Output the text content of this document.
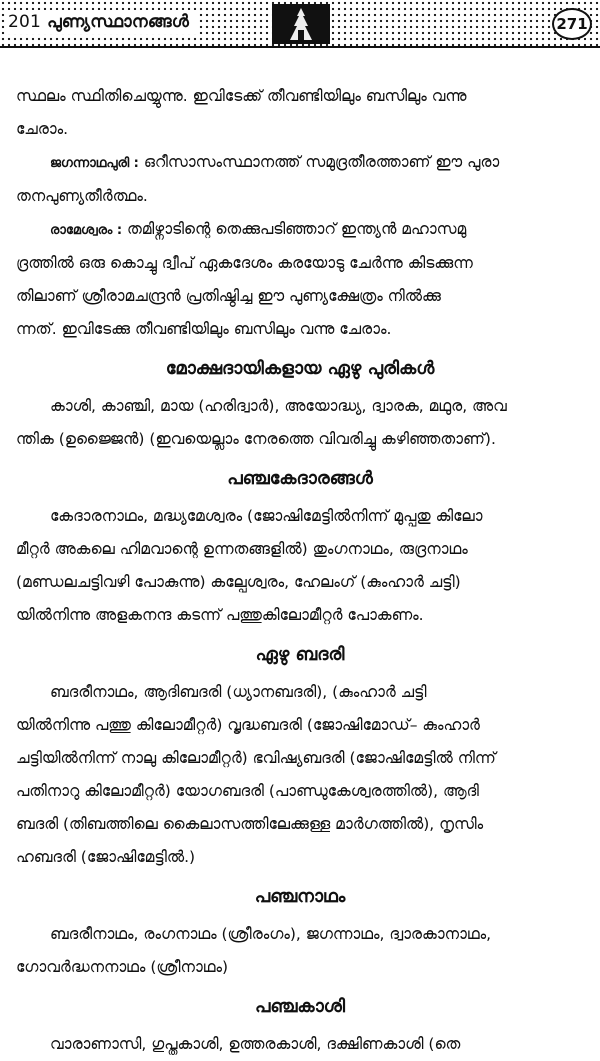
201 പുണ്യസ്ഥാനങ്ങൾ	271

സ്ഥലം സ്ഥിതിചെയ്യുന്നു. ഇവിടേക്ക് തീവണ്ടിയിലും ബസിലും വന്നു
ചേരാം.

ജഗന്നാഥപുരി : ഒറീസാസംസ്ഥാനത്ത് സമുദ്രതീരത്താണ് ഈ പുരാ
തനപുണ്യതീർത്ഥം.

രാമേശ്വരം : തമിഴ്നാടിന്റെ തെക്കുപടിഞ്ഞാറ് ഇന്ത്യൻ മഹാസമു
ദ്രത്തിൽ ഒരു കൊച്ചു ദ്വീപ് ഏകദേശം കരയോടു ചേർന്നു കിടക്കുന്ന
തിലാണ് ശ്രീരാമചന്ദ്രൻ പ്രതിഷ്ഠിച്ച ഈ പുണ്യക്ഷേത്രം നിൽക്കു
ന്നത്. ഇവിടേക്കു തീവണ്ടിയിലും ബസിലും വന്നു ചേരാം.

മോക്ഷദായികളായ ഏഴു പുരികൾ

കാശി, കാഞ്ചി, മായ (ഹരിദ്വാർ), അയോദ്ധ്യ, ദ്വാരക, മഥുര, അവ
ന്തിക (ഉജ്ജൈൻ) (ഇവയെല്ലാം നേരത്തെ വിവരിച്ചു കഴിഞ്ഞതാണ്).

പഞ്ചകേദാരങ്ങൾ

കേദാരനാഥം, മദ്ധ്യമേശ്വരം (ജോഷിമേട്ടിൽനിന്ന് മുപ്പതു കിലോ
മീറ്റർ അകലെ ഹിമവാന്റെ ഉന്നതങ്ങളിൽ) തുംഗനാഥം, രുദ്രനാഥം
(മണ്ഡലചട്ടിവഴി പോകുന്നു) കല്പേശ്വരം, ഹേലംഗ് (കുംഹാർ ചട്ടി)
യിൽനിന്നു അളകനന്ദ കടന്ന് പത്തുകിലോമീറ്റർ പോകണം.

ഏഴു ബദരി

ബദരീനാഥം, ആദിബദരി (ധ്യാനബദരി), (കുംഹാർ ചട്ടി
യിൽനിന്നു പത്തു കിലോമീറ്റർ) വൃദ്ധബദരി (ജോഷിമോഡ്– കുംഹാർ
ചട്ടിയിൽനിന്ന് നാലു കിലോമീറ്റർ) ഭവിഷ്യബദരി (ജോഷിമേട്ടിൽ നിന്ന്
പതിനാറു കിലോമീറ്റർ) യോഗബദരി (പാണ്ഡുകേശ്വരത്തിൽ), ആദി
ബദരി (തിബത്തിലെ കൈലാസത്തിലേക്കുള്ള മാർഗത്തിൽ), നൃസിം
ഹബദരി (ജോഷിമേട്ടിൽ.)

പഞ്ചനാഥം

ബദരീനാഥം, രംഗനാഥം (ശ്രീരംഗം), ജഗന്നാഥം, ദ്വാരകാനാഥം,
ഗോവർദ്ധനനാഥം (ശ്രീനാഥം)

പഞ്ചകാശി

വാരാണാസി, ഗുപ്തകാശി, ഉത്തരകാശി, ദക്ഷിണകാശി (തെ
